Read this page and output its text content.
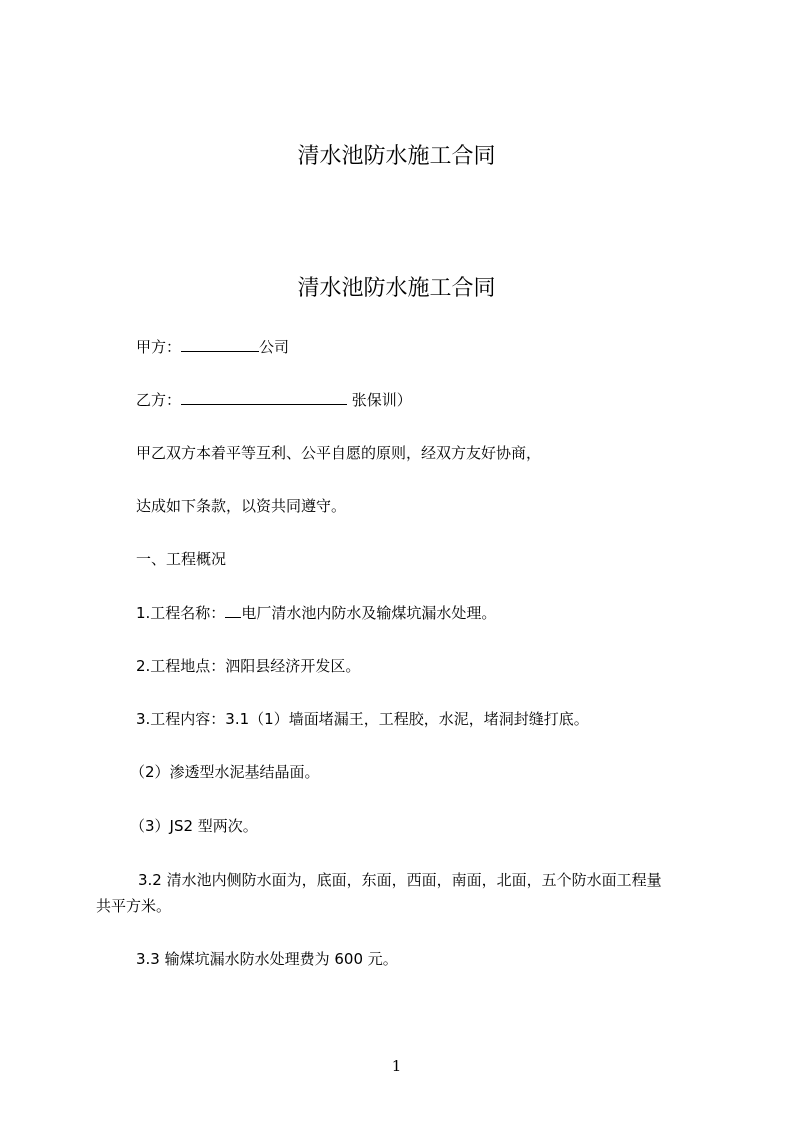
清水池防水施工合同
清水池防水施工合同
甲方：	公司
乙方：	张保训）
甲乙双方本着平等互利、公平自愿的原则，经双方友好协商，
达成如下条款，以资共同遵守。
一、工程概况
1.工程名称： 电厂清水池内防水及输煤坑漏水处理。
2.工程地点：泗阳县经济开发区。
3.工程内容：3.1（1）墙面堵漏王，工程胶，水泥，堵洞封缝打底。
（2）渗透型水泥基结晶面。
（3）JS2 型两次。
3.2 清水池内侧防水面为，底面，东面，西面，南面，北面，五个防水面工程量
共平方米。
3.3 输煤坑漏水防水处理费为 600 元。
1
